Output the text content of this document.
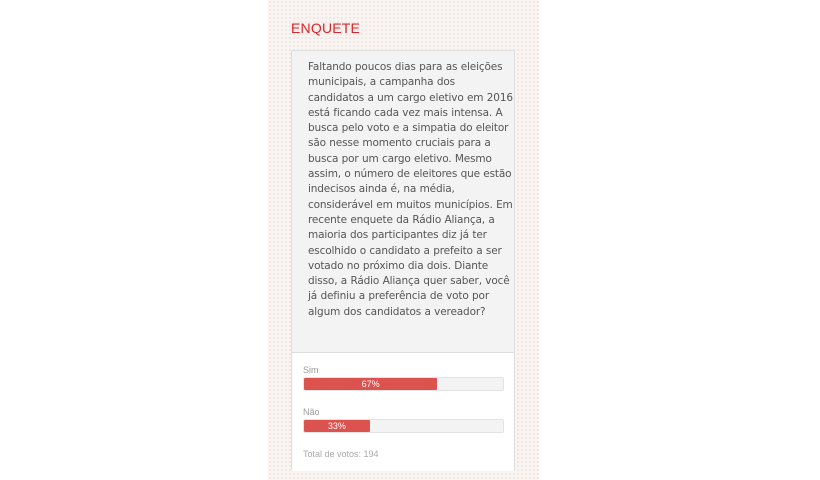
ENQUETE

Faltando poucos dias para as eleições municipais, a campanha dos candidatos a um cargo eletivo em 2016 está ficando cada vez mais intensa. A busca pelo voto e a simpatia do eleitor são nesse momento cruciais para a busca por um cargo eletivo. Mesmo assim, o número de eleitores que estão indecisos ainda é, na média, considerável em muitos municípios. Em recente enquete da Rádio Aliança, a maioria dos participantes diz já ter escolhido o candidato a prefeito a ser votado no próximo dia dois. Diante disso, a Rádio Aliança quer saber, você já definiu a preferência de voto por algum dos candidatos a vereador?

Sim
67%
Não
33%

Total de votos: 194
